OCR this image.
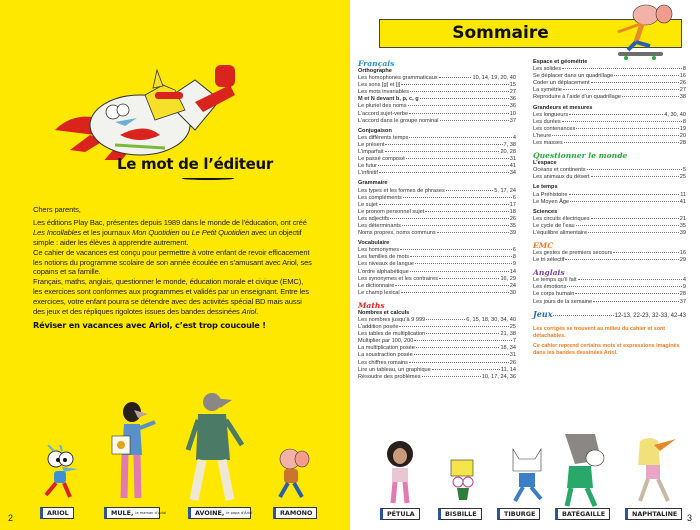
Le mot de l’éditeur

Chers parents,

Les éditions Play Bac, présentes depuis 1989 dans le monde de l’éducation, ont créé Les Incollables et les journaux Mon Quotidien ou Le Petit Quotidien avec un objectif simple : aider les élèves à apprendre autrement.

Ce cahier de vacances est conçu pour permettre à votre enfant de revoir efficacement les notions du programme scolaire de son année écoulée en s’amusant avec Ariol, ses copains et sa famille.

Français, maths, anglais, questionner le monde, éducation morale et civique (EMC), les exercices sont conformes aux programmes et validés par un enseignant. Entre les exercices, votre enfant pourra se détendre avec des activités spécial BD mais aussi des jeux et des répliques rigolotes issues des bandes dessinées Ariol.

Réviser en vacances avec Ariol, c’est trop coucoule !

ARIOL	MULE, la maman d’Ariol	AVOINE, le papa d’Ariol	RAMONO
2
Sommaire
Français
Orthographe
Les homophones grammaticaux	10, 14, 19, 20, 40
Les sons [g] et [j]	15
Les mots invariables	27
M et N devant b, p, c, g	36
Le pluriel des noms	36
L’accord sujet-verbe	10
L’accord dans le groupe nominal	37
Conjugaison
Les différents temps	4
Le présent	7, 38
L’imparfait	20, 28
Le passé composé	31
Le futur	41
L’infinitif	34
Grammaire
Les types et les formes de phrases	5, 17, 24
Les compléments	6
Le sujet	17
Le pronom personnel sujet	18
Les adjectifs	26
Les déterminants	35
Noms propres, noms communs	39
Vocabulaire
Les homonymes	6
Les familles de mots	8
Les niveaux de langue	9
L’ordre alphabétique	14
Les synonymes et les contraires	16, 29
Le dictionnaire	24
Le champ lexical	30
Maths
Nombres et calculs
Les nombres jusqu’à 9 999	6, 15, 18, 30, 34, 40
L’addition posée	25
Les tables de multiplication	21, 38
Multiplier par 100, 200	7
La multiplication posée	18, 34
La soustraction posée	31
Les chiffres romains	26
Lire un tableau, un graphique	11, 14
Résoudre des problèmes	10, 17, 24, 36
Espace et géométrie
Les solides	8
Se déplacer dans un quadrillage	16
Coder un déplacement	26
La symétrie	27
Reproduire à l’aide d’un quadrillage	38
Grandeurs et mesures
Les longueurs	4, 30, 40
Les durées	8
Les contenances	19
L’heure	20
Les masses	28
Questionner le monde
L’espace
Océans et continents	5
Les animaux du désert	25
Le temps
La Préhistoire	11
Le Moyen Âge	41
Sciences
Les circuits électriques	21
Le cycle de l’eau	35
L’équilibre alimentaire	39
EMC
Les gestes de premiers secours	16
Le tri sélectif	29
Anglais
Le temps qu’il fait	4
Les émotions	9
Le corps humain	28
Les jours de la semaine	37
Jeux	12-13, 22-23, 32-33, 42-43

Les corrigés se trouvent au milieu du cahier et sont détachables.

Ce cahier reprend certains mots et expressions imaginés dans les bandes dessinées Ariol.

PÉTULA	BISBILLE	TIBURGE	BATÉGAILLE	NAPHTALINE 3
